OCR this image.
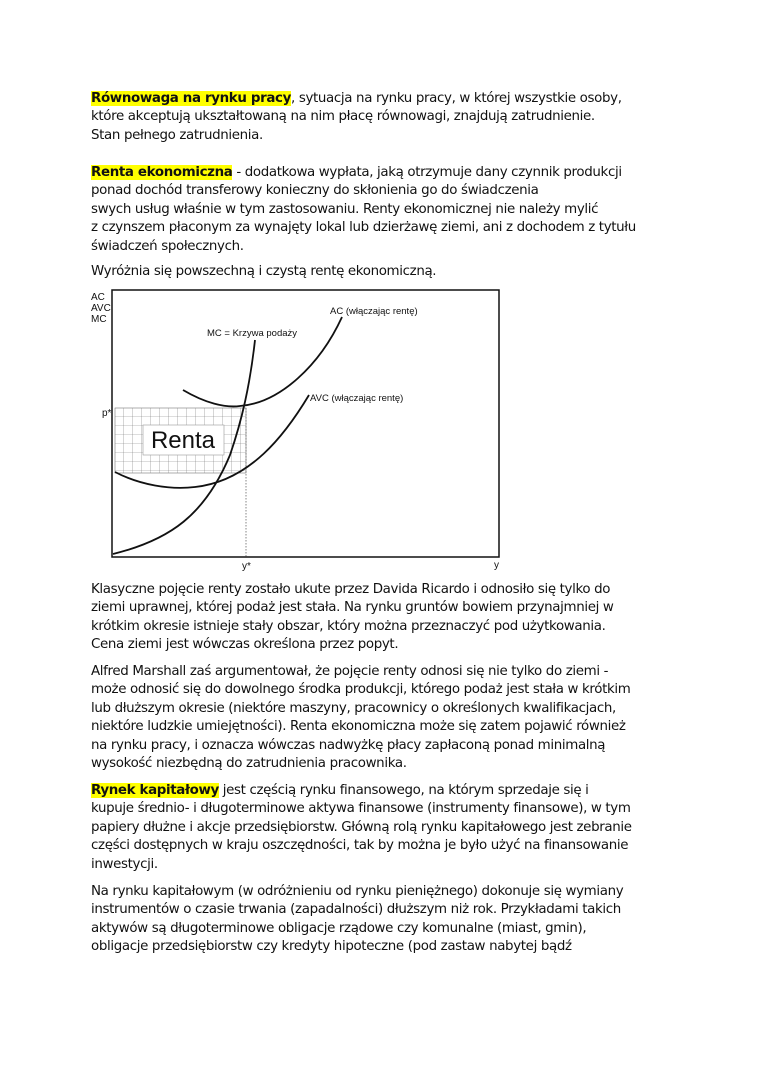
Równowaga na rynku pracy, sytuacja na rynku pracy, w której wszystkie osoby,
które akceptują ukształtowaną na nim płacę równowagi, znajdują zatrudnienie.
Stan pełnego zatrudnienia.
Renta ekonomiczna - dodatkowa wypłata, jaką otrzymuje dany czynnik produkcji
ponad dochód transferowy konieczny do skłonienia go do świadczenia
swych usług właśnie w tym zastosowaniu. Renty ekonomicznej nie należy mylić
z czynszem płaconym za wynajęty lokal lub dzierżawę ziemi, ani z dochodem z tytułu
świadczeń społecznych.
Wyróżnia się powszechną i czystą rentę ekonomiczną.
Renta
AC
AVC
MC
p*
y*	y
MC = Krzywa podaży
AC (włączając rentę)
AVC (włączając rentę)
Klasyczne pojęcie renty zostało ukute przez Davida Ricardo i odnosiło się tylko do
ziemi uprawnej, której podaż jest stała. Na rynku gruntów bowiem przynajmniej w
krótkim okresie istnieje stały obszar, który można przeznaczyć pod użytkowania.
Cena ziemi jest wówczas określona przez popyt.
Alfred Marshall zaś argumentował, że pojęcie renty odnosi się nie tylko do ziemi -
może odnosić się do dowolnego środka produkcji, którego podaż jest stała w krótkim
lub dłuższym okresie (niektóre maszyny, pracownicy o określonych kwalifikacjach,
niektóre ludzkie umiejętności). Renta ekonomiczna może się zatem pojawić również
na rynku pracy, i oznacza wówczas nadwyżkę płacy zapłaconą ponad minimalną
wysokość niezbędną do zatrudnienia pracownika.
Rynek kapitałowy jest częścią rynku finansowego, na którym sprzedaje się i
kupuje średnio- i długoterminowe aktywa finansowe (instrumenty finansowe), w tym
papiery dłużne i akcje przedsiębiorstw. Główną rolą rynku kapitałowego jest zebranie
części dostępnych w kraju oszczędności, tak by można je było użyć na finansowanie
inwestycji.
Na rynku kapitałowym (w odróżnieniu od rynku pieniężnego) dokonuje się wymiany
instrumentów o czasie trwania (zapadalności) dłuższym niż rok. Przykładami takich
aktywów są długoterminowe obligacje rządowe czy komunalne (miast, gmin),
obligacje przedsiębiorstw czy kredyty hipoteczne (pod zastaw nabytej bądź
